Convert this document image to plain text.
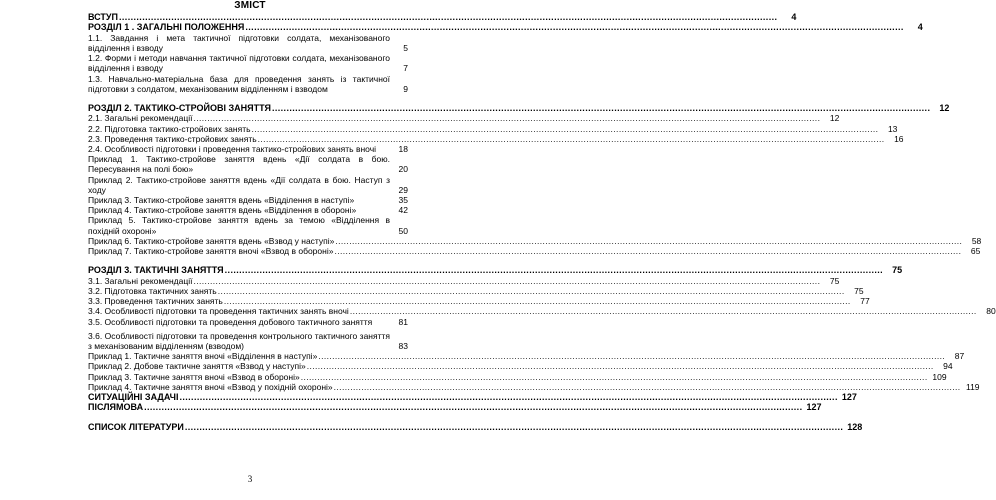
ЗМІСТ
ВСТУП .....	4
РОЗДІЛ 1 . ЗАГАЛЬНІ ПОЛОЖЕННЯ .....	4
1.1. Завдання і мета тактичної підготовки солдата, механізованого відділення і взводу	5
1.2. Форми і методи навчання тактичної підготовки солдата, механізованого відділення і взводу	7
1.3. Навчально-матеріальна база для проведення занять із тактичної підготовки з солдатом, механізованим відділенням і взводом	9
РОЗДІЛ 2. ТАКТИКО-СТРОЙОВІ ЗАНЯТТЯ .....	12
2.1. Загальні рекомендації .....	12
2.2. Підготовка тактико-стройових занять .....	13
2.3. Проведення тактико-стройових занять .....	16
2.4. Особливості підготовки і проведення тактико-стройових занять вночі	18
Приклад 1. Тактико-стройове заняття вдень «Дії солдата в бою. Пересування на полі бою»	20
Приклад 2. Тактико-стройове заняття вдень «Дії солдата в бою. Наступ з ходу	29
Приклад 3. Тактико-стройове заняття вдень «Відділення в наступі»	35
Приклад 4. Тактико-стройове заняття вдень «Відділення в обороні»	42
Приклад 5. Тактико-стройове заняття вдень за темою «Відділення в похідній охороні»	50
Приклад 6. Тактико-стройове заняття вдень «Взвод у наступі» .....	58
Приклад 7. Тактико-стройове заняття вночі «Взвод в обороні» .....	65
РОЗДІЛ 3. ТАКТИЧНІ ЗАНЯТТЯ .....	75
3.1. Загальні рекомендації .....	75
3.2. Підготовка тактичних занять .....	75
3.3. Проведення тактичних занять .....	77
3.4. Особливості підготовки та проведення тактичних занять вночі .....	80
3.5. Особливості підготовки та проведення добового тактичного заняття	81
3.6. Особливості підготовки та проведення контрольного тактичного заняття з механізованим відділенням (взводом)	83
Приклад 1. Тактичне заняття вночі «Відділення в наступі» .....	87
Приклад 2. Добове тактичне заняття «Взвод у наступі» .....	94
Приклад 3. Тактичне заняття вночі «Взвод в обороні» .....	109
Приклад 4. Тактичне заняття вночі «Взвод у похідній охороні» .....	119
СИТУАЦІЙНІ ЗАДАЧІ .....	127
ПІСЛЯМОВА .....	127
СПИСОК ЛІТЕРАТУРИ .....	128
3
